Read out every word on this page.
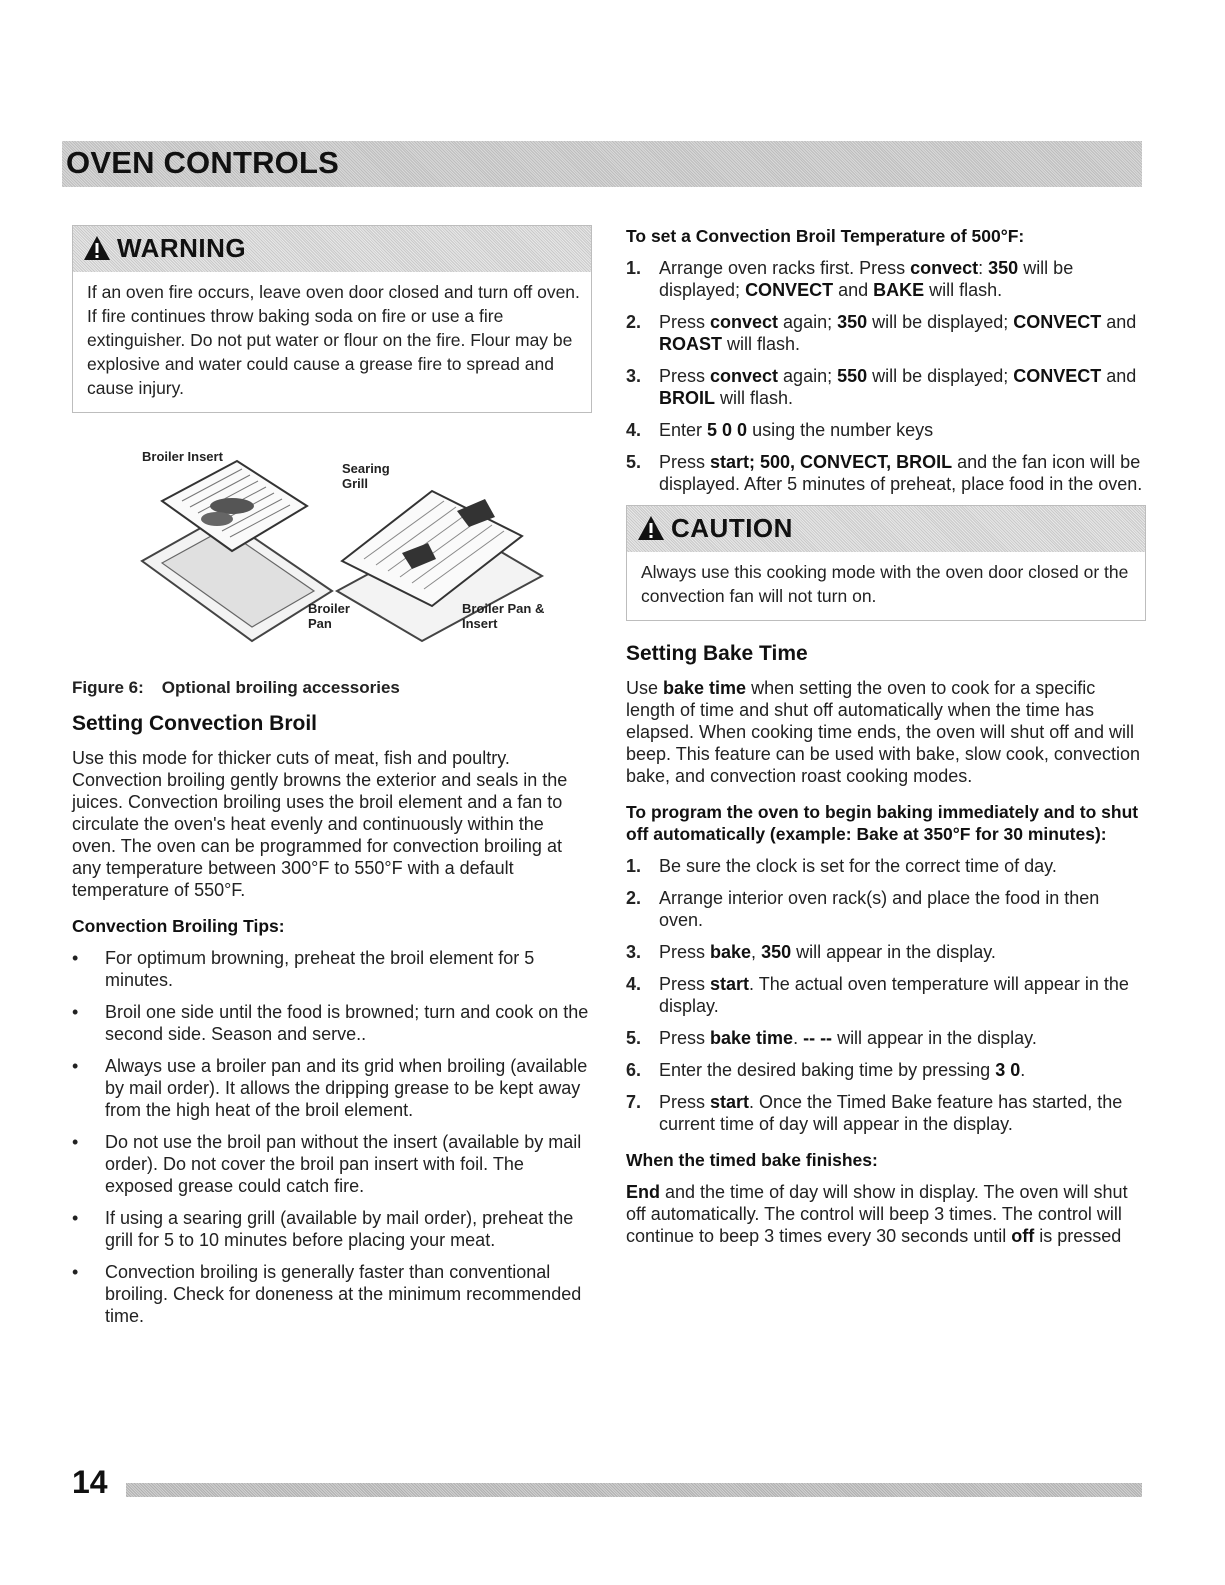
OVEN CONTROLS
WARNING
If an oven fire occurs, leave oven door closed and turn off oven. If fire continues throw baking soda on fire or use a fire extinguisher. Do not put water or flour on the fire. Flour may be explosive and water could cause a grease fire to spread and cause injury.
Broiler Insert
Searing Grill
Broiler Pan
Broiler Pan & Insert
Figure 6: Optional broiling accessories
Setting Convection Broil

Use this mode for thicker cuts of meat, fish and poultry. Convection broiling gently browns the exterior and seals in the juices. Convection broiling uses the broil element and a fan to circulate the oven's heat evenly and continuously within the oven. The oven can be programmed for convection broiling at any temperature between 300°F to 550°F with a default temperature of 550°F.

Convection Broiling Tips:
• For optimum browning, preheat the broil element for 5 minutes.
• Broil one side until the food is browned; turn and cook on the second side. Season and serve..
• Always use a broiler pan and its grid when broiling (available by mail order). It allows the dripping grease to be kept away from the high heat of the broil element.
• Do not use the broil pan without the insert (available by mail order). Do not cover the broil pan insert with foil. The exposed grease could catch fire.
• If using a searing grill (available by mail order), preheat the grill for 5 to 10 minutes before placing your meat.
• Convection broiling is generally faster than conventional broiling. Check for doneness at the minimum recommended time.
To set a Convection Broil Temperature of 500°F:
1. Arrange oven racks first. Press convect: 350 will be displayed; CONVECT and BAKE will flash.
2. Press convect again; 350 will be displayed; CONVECT and ROAST will flash.
3. Press convect again; 550 will be displayed; CONVECT and BROIL will flash.
4. Enter 5 0 0 using the number keys
5. Press start; 500, CONVECT, BROIL and the fan icon will be displayed. After 5 minutes of preheat, place food in the oven.
CAUTION
Always use this cooking mode with the oven door closed or the convection fan will not turn on.
Setting Bake Time

Use bake time when setting the oven to cook for a specific length of time and shut off automatically when the time has elapsed. When cooking time ends, the oven will shut off and will beep. This feature can be used with bake, slow cook, convection bake, and convection roast cooking modes.

To program the oven to begin baking immediately and to shut off automatically (example: Bake at 350°F for 30 minutes):
1. Be sure the clock is set for the correct time of day.
2. Arrange interior oven rack(s) and place the food in then oven.
3. Press bake, 350 will appear in the display.
4. Press start. The actual oven temperature will appear in the display.
5. Press bake time. -- -- will appear in the display.
6. Enter the desired baking time by pressing 3 0.
7. Press start. Once the Timed Bake feature has started, the current time of day will appear in the display.
When the timed bake finishes:

End and the time of day will show in display. The oven will shut off automatically. The control will beep 3 times. The control will continue to beep 3 times every 30 seconds until off is pressed

14
